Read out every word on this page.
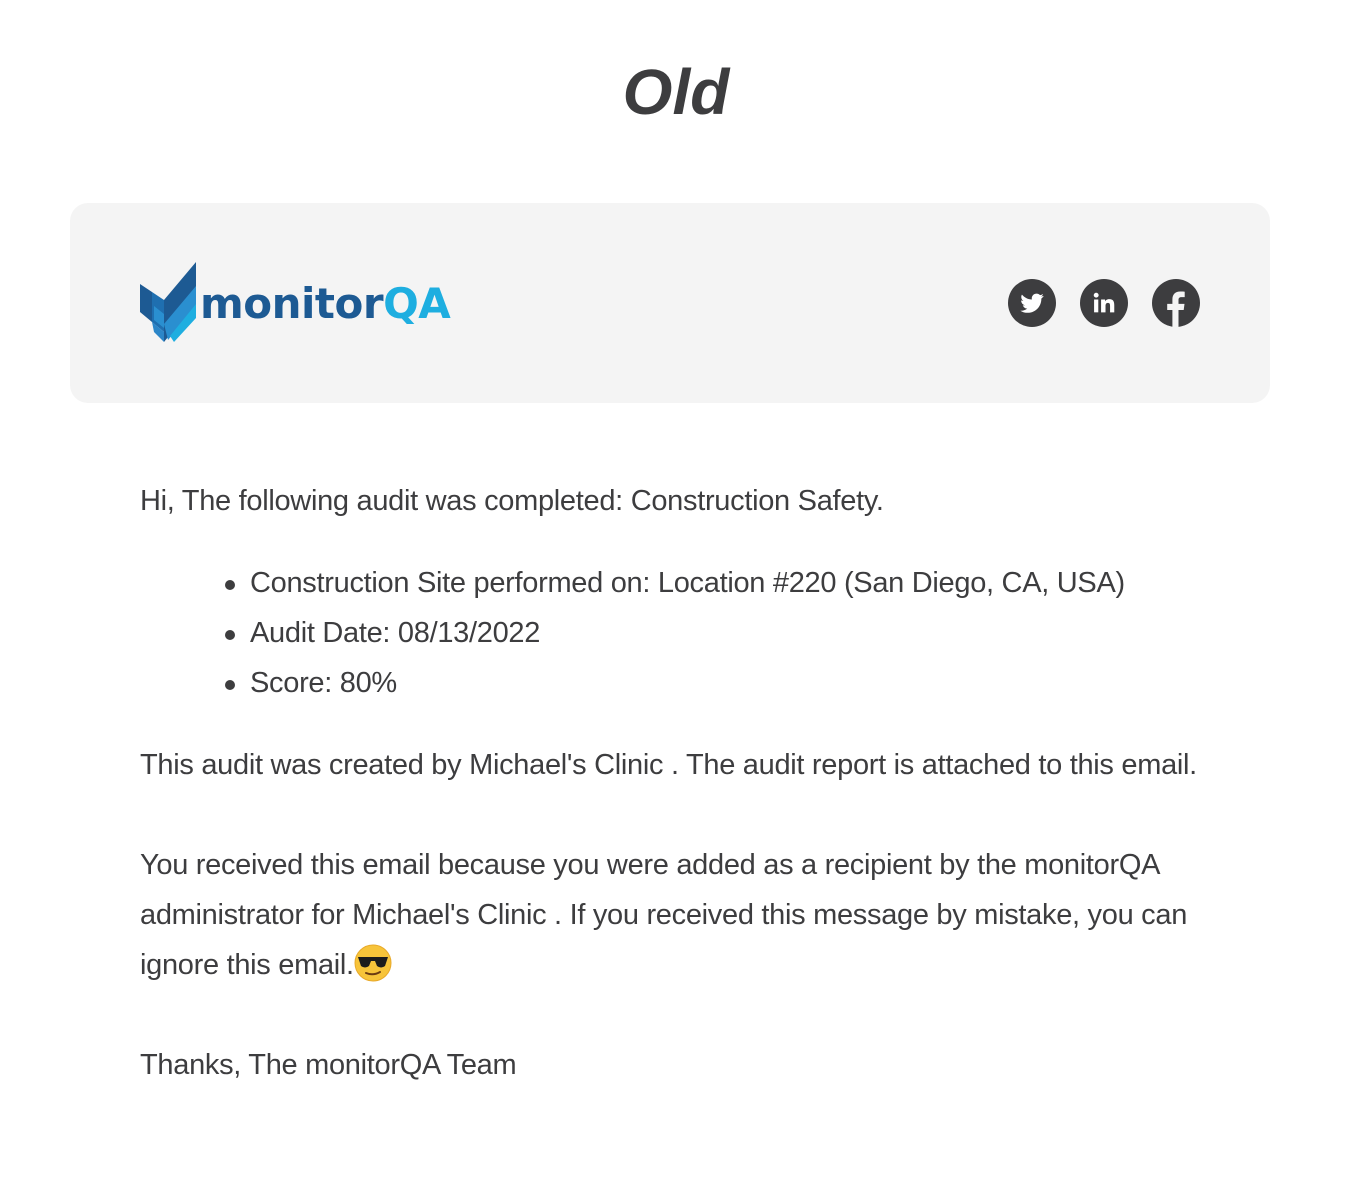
Old
monitorQA

Hi, The following audit was completed: Construction Safety.

Construction Site performed on: Location #220 (San Diego, CA, USA)
Audit Date: 08/13/2022
Score: 80%

This audit was created by Michael's Clinic . The audit report is attached to this email.

You received this email because you were added as a recipient by the monitorQA administrator for Michael's Clinic . If you received this message by mistake, you can ignore this email.

Thanks, The monitorQA Team
